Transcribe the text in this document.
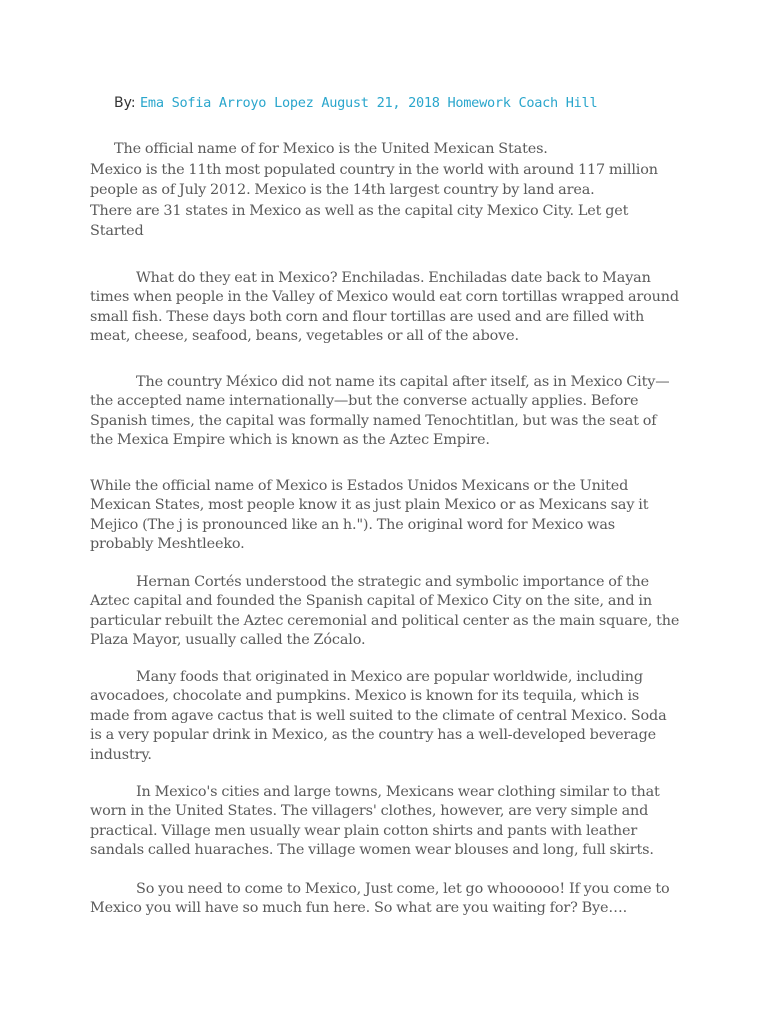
By: Ema Sofia Arroyo Lopez August 21, 2018 Homework Coach Hill
The official name of for Mexico is the United Mexican States.
Mexico is the 11th most populated country in the world with around 117 million people as of July 2012. Mexico is the 14th largest country by land area.
There are 31 states in Mexico as well as the capital city Mexico City. Let get Started

What do they eat in Mexico? Enchiladas. Enchiladas date back to Mayan times when people in the Valley of Mexico would eat corn tortillas wrapped around small fish. These days both corn and flour tortillas are used and are filled with meat, cheese, seafood, beans, vegetables or all of the above.

The country México did not name its capital after itself, as in Mexico City—the accepted name internationally—but the converse actually applies. Before Spanish times, the capital was formally named Tenochtitlan, but was the seat of the Mexica Empire which is known as the Aztec Empire.

While the official name of Mexico is Estados Unidos Mexicans or the United Mexican States, most people know it as just plain Mexico or as Mexicans say it Mejico (The j is pronounced like an h."). The original word for Mexico was probably Meshtleeko.

Hernan Cortés understood the strategic and symbolic importance of the Aztec capital and founded the Spanish capital of Mexico City on the site, and in particular rebuilt the Aztec ceremonial and political center as the main square, the Plaza Mayor, usually called the Zócalo.

Many foods that originated in Mexico are popular worldwide, including avocadoes, chocolate and pumpkins. Mexico is known for its tequila, which is made from agave cactus that is well suited to the climate of central Mexico. Soda is a very popular drink in Mexico, as the country has a well-developed beverage industry.

In Mexico's cities and large towns, Mexicans wear clothing similar to that worn in the United States. The villagers' clothes, however, are very simple and practical. Village men usually wear plain cotton shirts and pants with leather sandals called huaraches. The village women wear blouses and long, full skirts.

So you need to come to Mexico, Just come, let go whoooooo! If you come to Mexico you will have so much fun here. So what are you waiting for? Bye….
